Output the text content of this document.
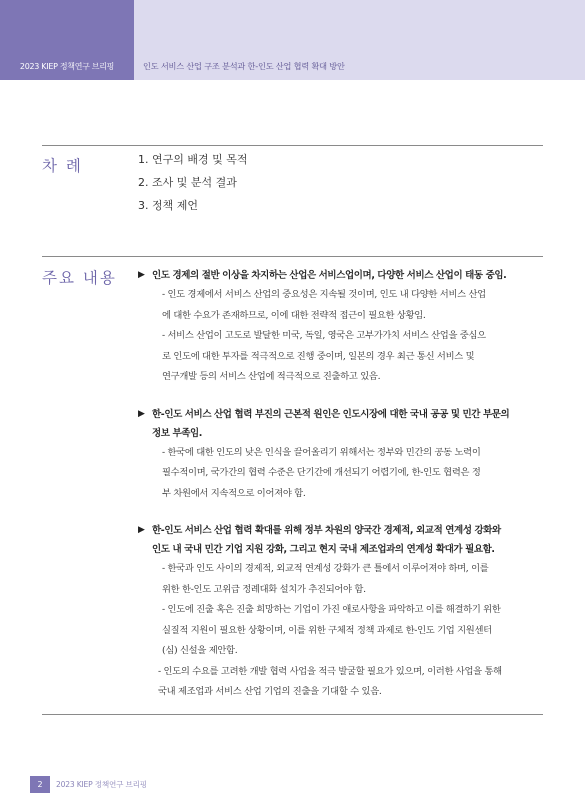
2023 KIEP 정책연구 브리핑	인도 서비스 산업 구조 분석과 한-인도 산업 협력 확대 방안
차 례	1. 연구의 배경 및 목적
2. 조사 및 분석 결과
3. 정책 제언
주요 내용 ▶ 인도 경제의 절반 이상을 차지하는 산업은 서비스업이며, 다양한 서비스 산업이 태동 중임.
- 인도 경제에서 서비스 산업의 중요성은 지속될 것이며, 인도 내 다양한 서비스 산업
에 대한 수요가 존재하므로, 이에 대한 전략적 접근이 필요한 상황임.
- 서비스 산업이 고도로 발달한 미국, 독일, 영국은 고부가가치 서비스 산업을 중심으
로 인도에 대한 투자를 적극적으로 진행 중이며, 일본의 경우 최근 통신 서비스 및
연구개발 등의 서비스 산업에 적극적으로 진출하고 있음.
▶ 한-인도 서비스 산업 협력 부진의 근본적 원인은 인도시장에 대한 국내 공공 및 민간 부문의
정보 부족임.
- 한국에 대한 인도의 낮은 인식을 끌어올리기 위해서는 정부와 민간의 공동 노력이
필수적이며, 국가간의 협력 수준은 단기간에 개선되기 어렵기에, 한-인도 협력은 정
부 차원에서 지속적으로 이어져야 함.
▶ 한-인도 서비스 산업 협력 확대를 위해 정부 차원의 양국간 경제적, 외교적 연계성 강화와
인도 내 국내 민간 기업 지원 강화, 그리고 현지 국내 제조업과의 연계성 확대가 필요함.
- 한국과 인도 사이의 경제적, 외교적 연계성 강화가 큰 틀에서 이루어져야 하며, 이를
위한 한-인도 고위급 정례대화 설치가 추진되어야 함.
- 인도에 진출 혹은 진출 희망하는 기업이 가진 애로사항을 파악하고 이를 해결하기 위한
실질적 지원이 필요한 상황이며, 이를 위한 구체적 정책 과제로 한-인도 기업 지원센터
(심) 신설을 제안함.
- 인도의 수요를 고려한 개발 협력 사업을 적극 발굴할 필요가 있으며, 이러한 사업을 통해
국내 제조업과 서비스 산업 기업의 진출을 기대할 수 있음.
2	2023 KIEP 정책연구 브리핑
